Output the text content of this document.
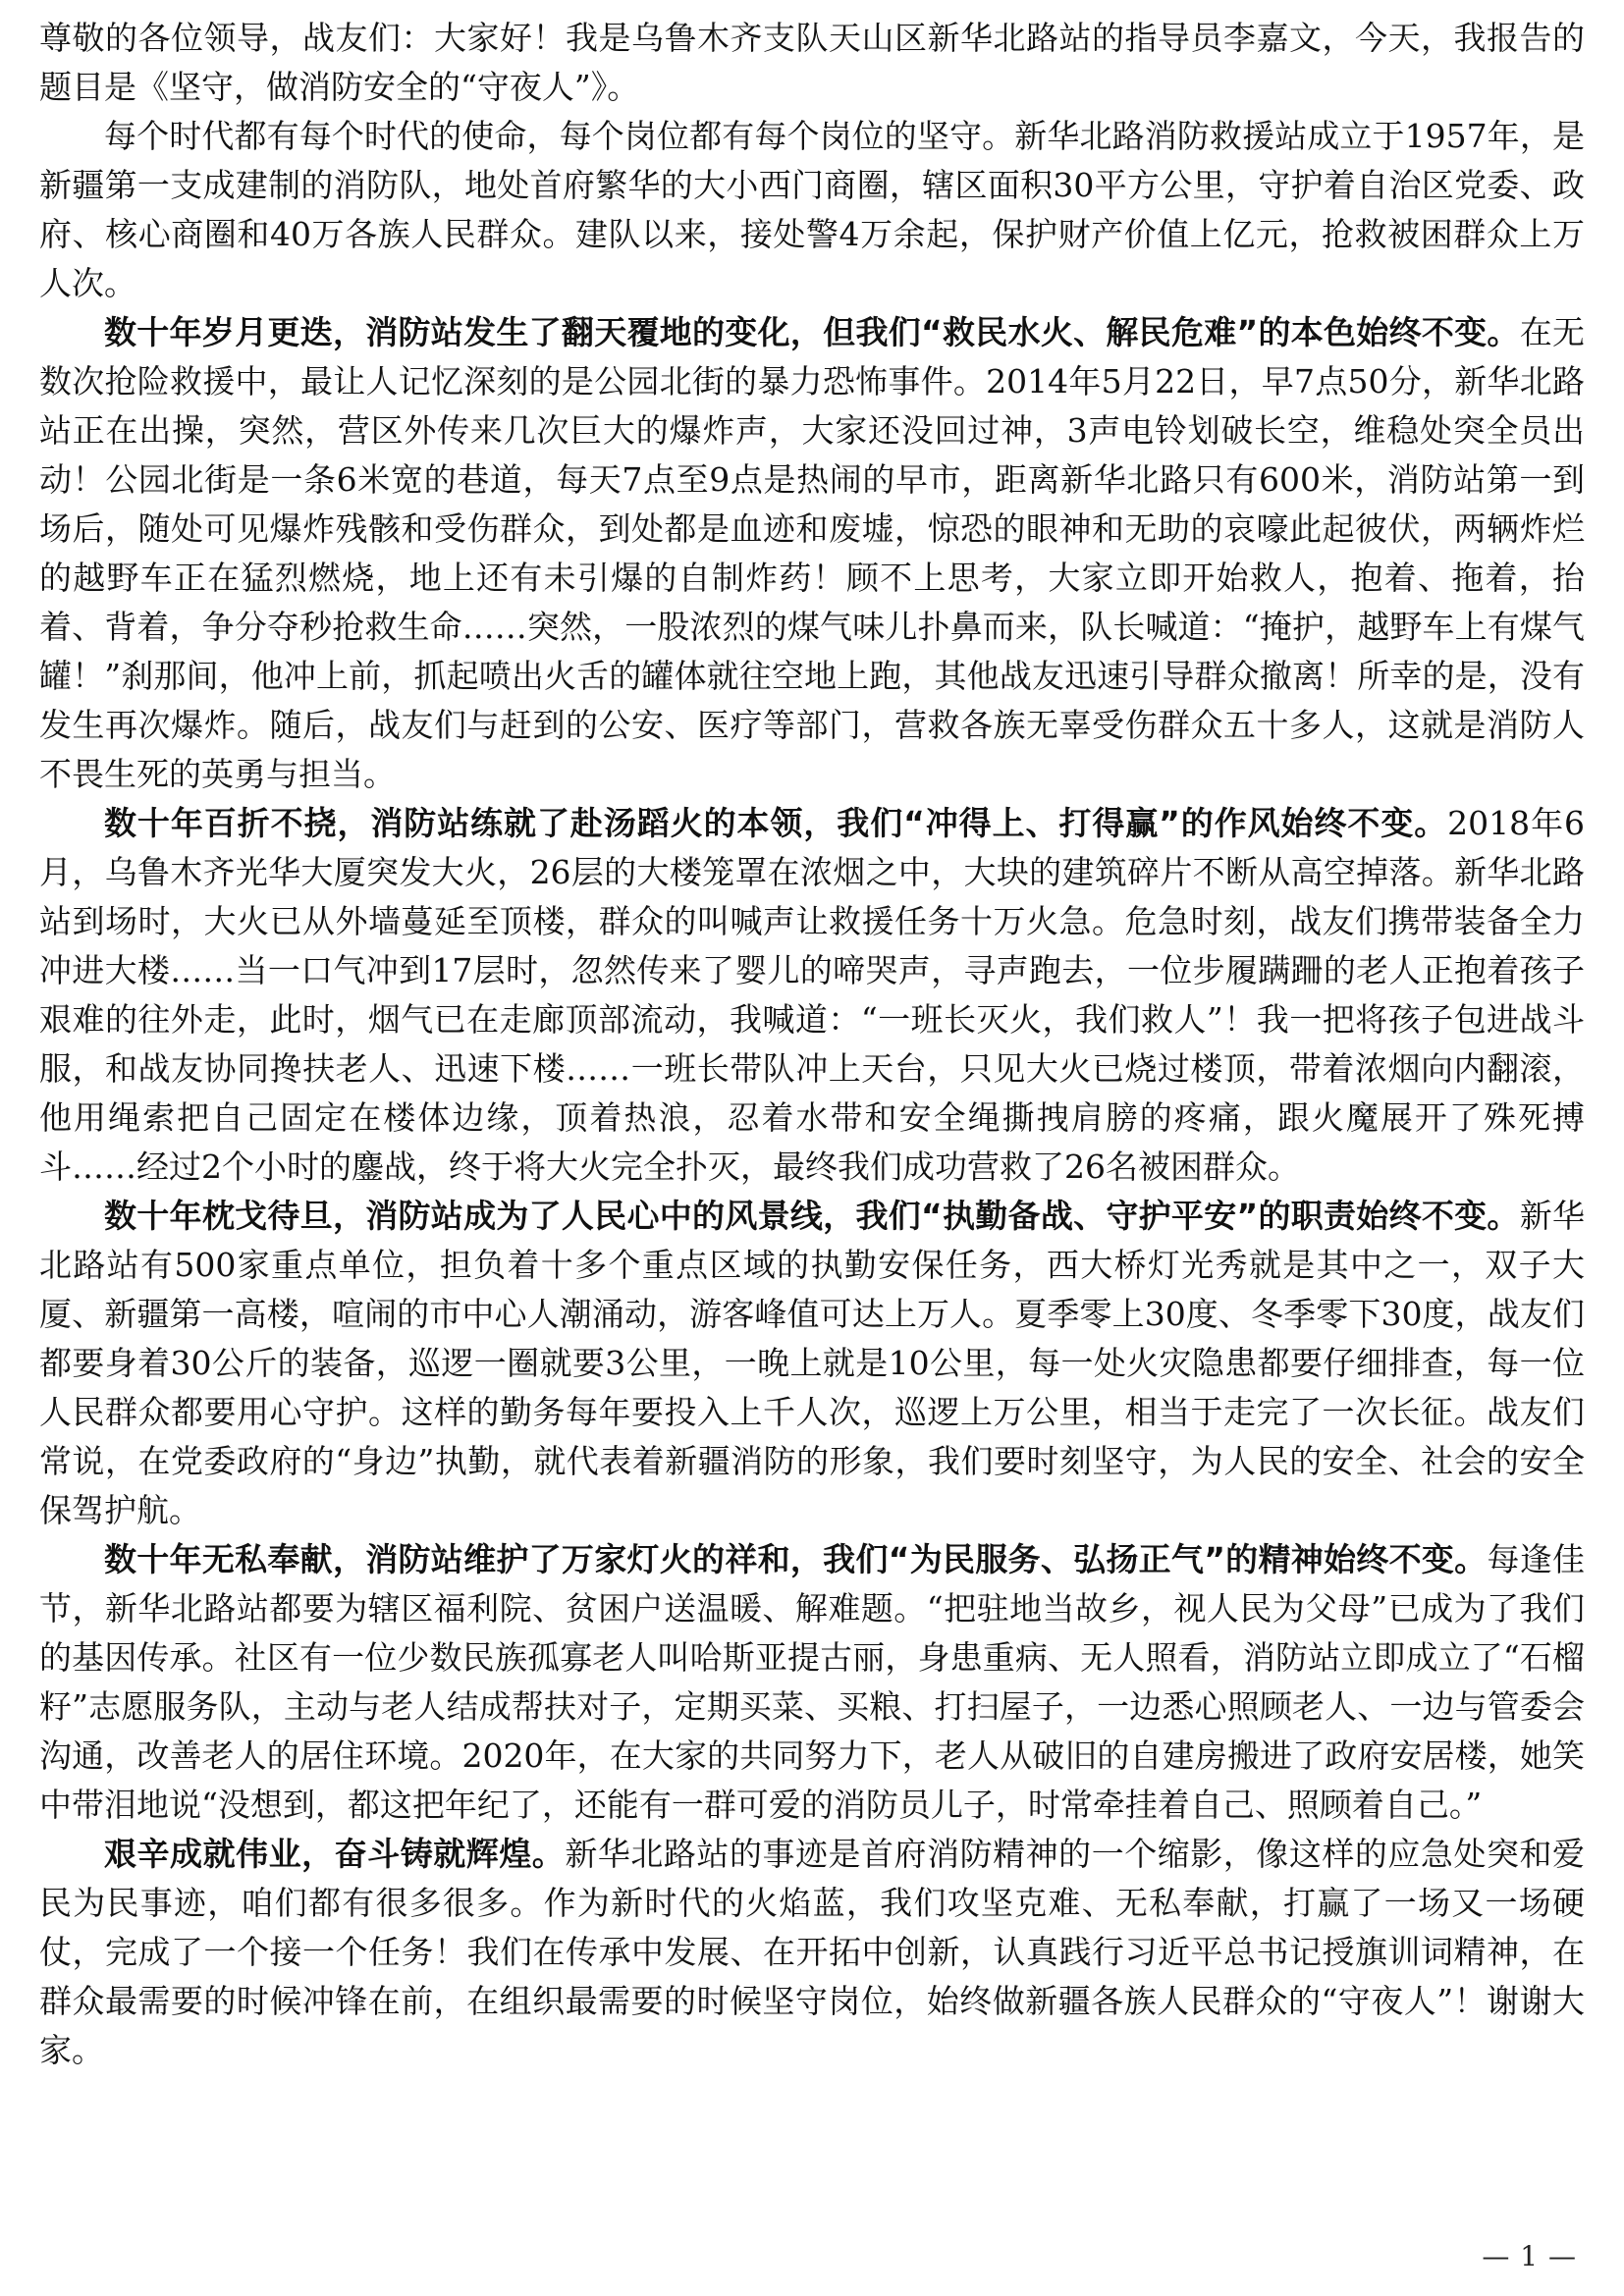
尊敬的各位领导，战友们：大家好！我是乌鲁木齐支队天山区新华北路站的指导员李嘉文，今天，我报告的题目是《坚守，做消防安全的“守夜人”》。

每个时代都有每个时代的使命，每个岗位都有每个岗位的坚守。新华北路消防救援站成立于1957年，是新疆第一支成建制的消防队，地处首府繁华的大小西门商圈，辖区面积30平方公里，守护着自治区党委、政府、核心商圈和40万各族人民群众。建队以来，接处警4万余起，保护财产价值上亿元，抢救被困群众上万人次。

数十年岁月更迭，消防站发生了翻天覆地的变化，但我们“救民水火、解民危难”的本色始终不变。在无数次抢险救援中，最让人记忆深刻的是公园北街的暴力恐怖事件。2014年5月22日，早7点50分，新华北路站正在出操，突然，营区外传来几次巨大的爆炸声，大家还没回过神，3声电铃划破长空，维稳处突全员出动！公园北街是一条6米宽的巷道，每天7点至9点是热闹的早市，距离新华北路只有600米，消防站第一到场后，随处可见爆炸残骸和受伤群众，到处都是血迹和废墟，惊恐的眼神和无助的哀嚎此起彼伏，两辆炸烂的越野车正在猛烈燃烧，地上还有未引爆的自制炸药！顾不上思考，大家立即开始救人，抱着、拖着，抬着、背着，争分夺秒抢救生命……突然，一股浓烈的煤气味儿扑鼻而来，队长喊道：“掩护，越野车上有煤气罐！”刹那间，他冲上前，抓起喷出火舌的罐体就往空地上跑，其他战友迅速引导群众撤离！所幸的是，没有发生再次爆炸。随后，战友们与赶到的公安、医疗等部门，营救各族无辜受伤群众五十多人，这就是消防人不畏生死的英勇与担当。

数十年百折不挠，消防站练就了赴汤蹈火的本领，我们“冲得上、打得赢”的作风始终不变。2018年6月，乌鲁木齐光华大厦突发大火，26层的大楼笼罩在浓烟之中，大块的建筑碎片不断从高空掉落。新华北路站到场时，大火已从外墙蔓延至顶楼，群众的叫喊声让救援任务十万火急。危急时刻，战友们携带装备全力冲进大楼……当一口气冲到17层时，忽然传来了婴儿的啼哭声，寻声跑去，一位步履蹒跚的老人正抱着孩子艰难的往外走，此时，烟气已在走廊顶部流动，我喊道：“一班长灭火，我们救人”！我一把将孩子包进战斗服，和战友协同搀扶老人、迅速下楼……一班长带队冲上天台，只见大火已烧过楼顶，带着浓烟向内翻滚，他用绳索把自己固定在楼体边缘，顶着热浪，忍着水带和安全绳撕拽肩膀的疼痛，跟火魔展开了殊死搏斗……经过2个小时的鏖战，终于将大火完全扑灭，最终我们成功营救了26名被困群众。

数十年枕戈待旦，消防站成为了人民心中的风景线，我们“执勤备战、守护平安”的职责始终不变。新华北路站有500家重点单位，担负着十多个重点区域的执勤安保任务，西大桥灯光秀就是其中之一，双子大厦、新疆第一高楼，喧闹的市中心人潮涌动，游客峰值可达上万人。夏季零上30度、冬季零下30度，战友们都要身着30公斤的装备，巡逻一圈就要3公里，一晚上就是10公里，每一处火灾隐患都要仔细排查，每一位人民群众都要用心守护。这样的勤务每年要投入上千人次，巡逻上万公里，相当于走完了一次长征。战友们常说，在党委政府的“身边”执勤，就代表着新疆消防的形象，我们要时刻坚守，为人民的安全、社会的安全保驾护航。

数十年无私奉献，消防站维护了万家灯火的祥和，我们“为民服务、弘扬正气”的精神始终不变。每逢佳节，新华北路站都要为辖区福利院、贫困户送温暖、解难题。“把驻地当故乡，视人民为父母”已成为了我们的基因传承。社区有一位少数民族孤寡老人叫哈斯亚提古丽，身患重病、无人照看，消防站立即成立了“石榴籽”志愿服务队，主动与老人结成帮扶对子，定期买菜、买粮、打扫屋子，一边悉心照顾老人、一边与管委会沟通，改善老人的居住环境。2020年，在大家的共同努力下，老人从破旧的自建房搬进了政府安居楼，她笑中带泪地说“没想到，都这把年纪了，还能有一群可爱的消防员儿子，时常牵挂着自己、照顾着自己。”

艰辛成就伟业，奋斗铸就辉煌。新华北路站的事迹是首府消防精神的一个缩影，像这样的应急处突和爱民为民事迹，咱们都有很多很多。作为新时代的火焰蓝，我们攻坚克难、无私奉献，打赢了一场又一场硬仗，完成了一个接一个任务！我们在传承中发展、在开拓中创新，认真践行习近平总书记授旗训词精神，在群众最需要的时候冲锋在前，在组织最需要的时候坚守岗位，始终做新疆各族人民群众的“守夜人”！谢谢大家。

— 1 —
